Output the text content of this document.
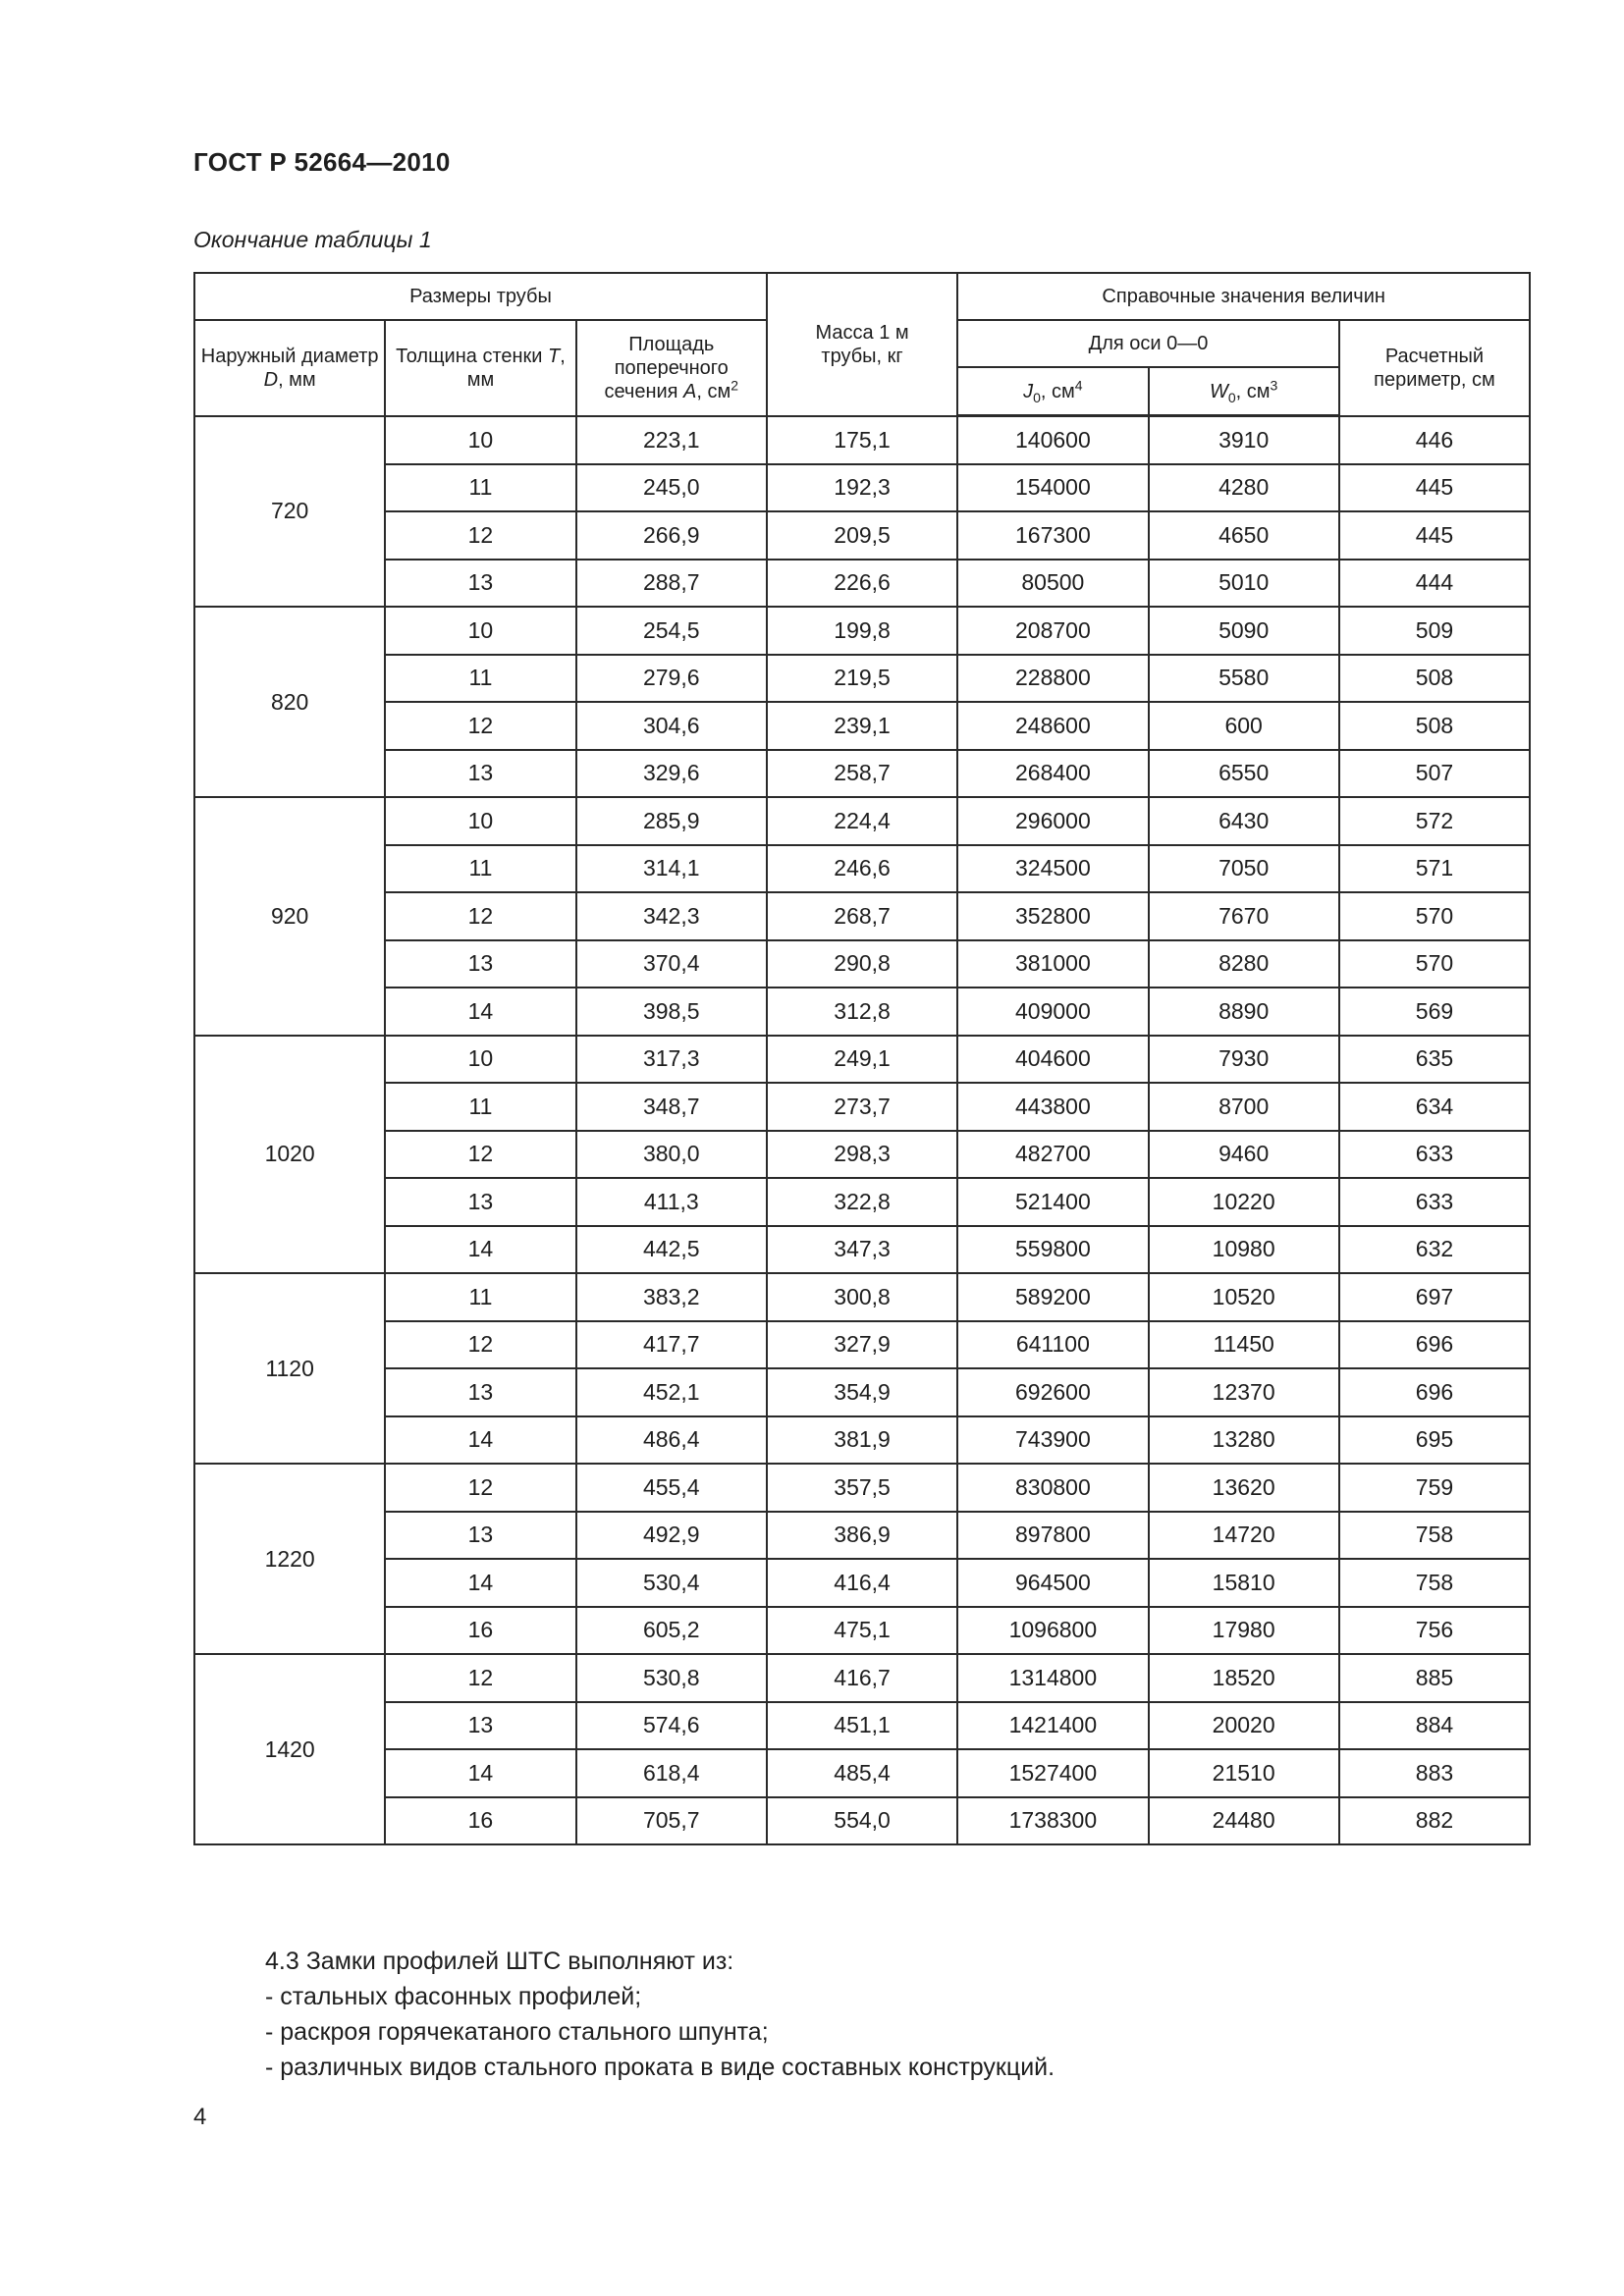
ГОСТ Р 52664—2010
Окончание таблицы 1
Размеры трубы			Масса 1 м трубы, кг	Справочные значения величин		
Наружный диаметр D, мм	Толщина стенки T, мм	Площадь поперечного сечения A, $см^2$		Для оси 0—0		Расчетный периметр, см
				$J_0$, $см^4$	$W_0$, $см^3$
720	10	223,1	175,1	140600	3910	446
	11	245,0	192,3	154000	4280	445
	12	266,9	209,5	167300	4650	445
	13	288,7	226,6	80500	5010	444
820	10	254,5	199,8	208700	5090	509
	11	279,6	219,5	228800	5580	508
	12	304,6	239,1	248600	600	508
	13	329,6	258,7	268400	6550	507
920	10	285,9	224,4	296000	6430	572
	11	314,1	246,6	324500	7050	571
	12	342,3	268,7	352800	7670	570
	13	370,4	290,8	381000	8280	570
	14	398,5	312,8	409000	8890	569
1020	10	317,3	249,1	404600	7930	635
	11	348,7	273,7	443800	8700	634
	12	380,0	298,3	482700	9460	633
	13	411,3	322,8	521400	10220	633
	14	442,5	347,3	559800	10980	632
1120	11	383,2	300,8	589200	10520	697
	12	417,7	327,9	641100	11450	696
	13	452,1	354,9	692600	12370	696
	14	486,4	381,9	743900	13280	695
1220	12	455,4	357,5	830800	13620	759
	13	492,9	386,9	897800	14720	758
	14	530,4	416,4	964500	15810	758
	16	605,2	475,1	1096800	17980	756
1420	12	530,8	416,7	1314800	18520	885
	13	574,6	451,1	1421400	20020	884
	14	618,4	485,4	1527400	21510	883
	16	705,7	554,0	1738300	24480	882

4.3 Замки профилей ШТС выполняют из:

- стальных фасонных профилей;

- раскроя горячекатаного стального шпунта;

- различных видов стального проката в виде составных конструкций.

4
